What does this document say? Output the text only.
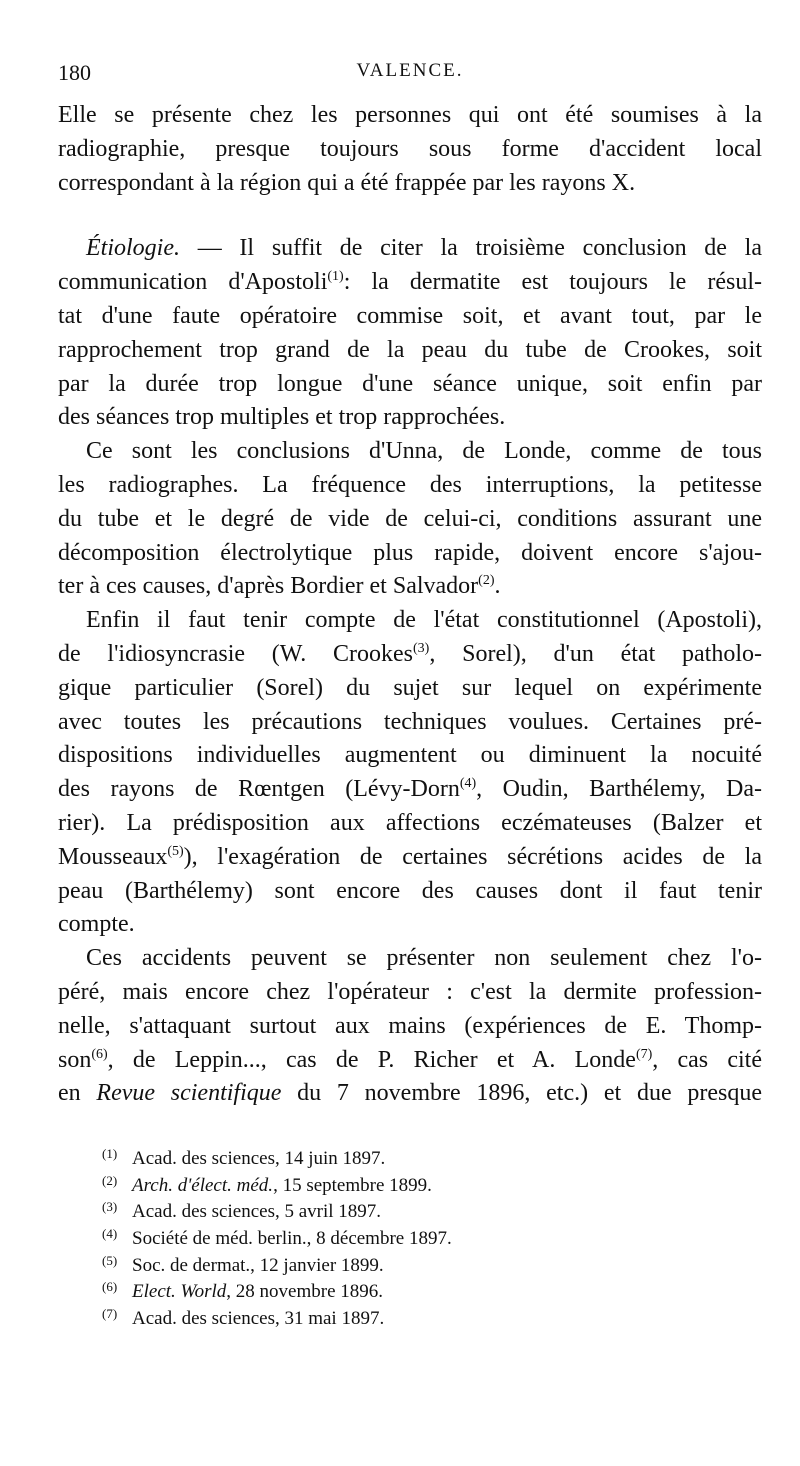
180	VALENCE.
Elle se présente chez les personnes qui ont été soumises à la
radiographie, presque toujours sous forme d'accident local
correspondant à la région qui a été frappée par les rayons X.
Étiologie. — Il suffit de citer la troisième conclusion de la
communication d'Apostoli$^{(1)}$: la dermatite est toujours le résul-
tat d'une faute opératoire commise soit, et avant tout, par le
rapprochement trop grand de la peau du tube de Crookes, soit
par la durée trop longue d'une séance unique, soit enfin par
des séances trop multiples et trop rapprochées.
Ce sont les conclusions d'Unna, de Londe, comme de tous
les radiographes. La fréquence des interruptions, la petitesse
du tube et le degré de vide de celui-ci, conditions assurant une
décomposition électrolytique plus rapide, doivent encore s'ajou-
ter à ces causes, d'après Bordier et Salvador$^{(2)}$.
Enfin il faut tenir compte de l'état constitutionnel (Apostoli),
de l'idiosyncrasie (W. Crookes$^{(3)}$, Sorel), d'un état patholo-
gique particulier (Sorel) du sujet sur lequel on expérimente
avec toutes les précautions techniques voulues. Certaines pré-
dispositions individuelles augmentent ou diminuent la nocuité
des rayons de Rœntgen (Lévy-Dorn$^{(4)}$, Oudin, Barthélemy, Da-
rier). La prédisposition aux affections eczémateuses (Balzer et
Mousseaux$^{(5)}$), l'exagération de certaines sécrétions acides de la
peau (Barthélemy) sont encore des causes dont il faut tenir
compte.
Ces accidents peuvent se présenter non seulement chez l'o-
péré, mais encore chez l'opérateur : c'est la dermite profession-
nelle, s'attaquant surtout aux mains (expériences de E. Thomp-
son$^{(6)}$, de Leppin..., cas de P. Richer et A. Londe$^{(7)}$, cas cité
en Revue scientifique du 7 novembre 1896, etc.) et due presque
(1) Acad. des sciences, 14 juin 1897.
(2) Arch. d'élect. méd., 15 septembre 1899.
(3) Acad. des sciences, 5 avril 1897.
(4) Société de méd. berlin., 8 décembre 1897.
(5) Soc. de dermat., 12 janvier 1899.
(6) Elect. World, 28 novembre 1896.
(7) Acad. des sciences, 31 mai 1897.
